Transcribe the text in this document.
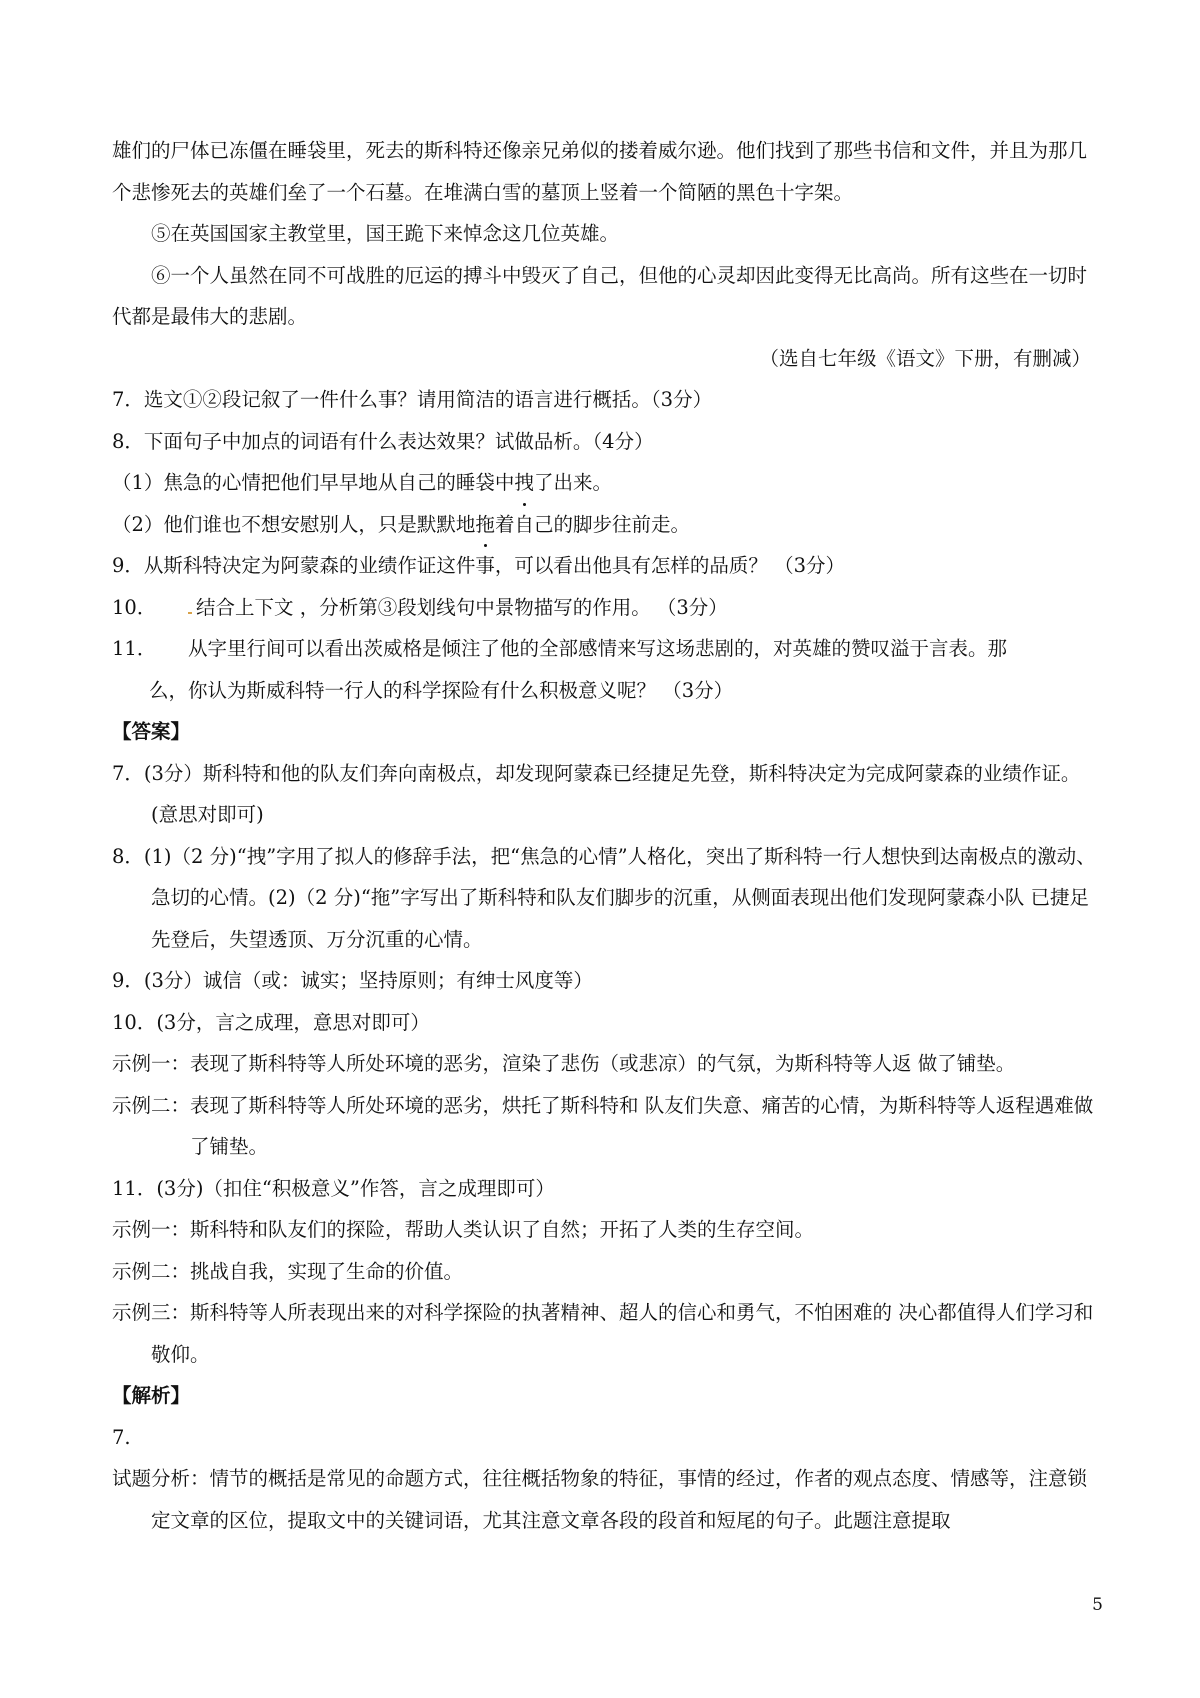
雄们的尸体已冻僵在睡袋里，死去的斯科特还像亲兄弟似的搂着威尔逊。他们找到了那些书信和文件，并且为那几个悲惨死去的英雄们垒了一个石墓。在堆满白雪的墓顶上竖着一个简陋的黑色十字架。

⑤在英国国家主教堂里，国王跪下来悼念这几位英雄。

⑥一个人虽然在同不可战胜的厄运的搏斗中毁灭了自己，但他的心灵却因此变得无比高尚。所有这些在一切时代都是最伟大的悲剧。

（选自七年级《语文》下册，有删减）

7．选文①②段记叙了一件什么事？请用简洁的语言进行概括。（3分）

8．下面句子中加点的词语有什么表达效果？试做品析。（4分）

（1）焦急的心情把他们早早地从自己的睡袋中拽了出来。

（2）他们谁也不想安慰别人，只是默默地拖着自己的脚步往前走。

9．从斯科特决定为阿蒙森的业绩作证这件事，可以看出他具有怎样的品质？ （3分）

10．	结合上下文 ，分析第③段划线句中景物描写的作用。 （3分）
11．	从字里行间可以看出茨威格是倾注了他的全部感情来写这场悲剧的，对英雄的赞叹溢于言表。那
么，你认为斯威科特一行人的科学探险有什么积极意义呢？ （3分）

【答案】

7．(3分）斯科特和他的队友们奔向南极点，却发现阿蒙森已经捷足先登，斯科特决定为完成阿蒙森的业绩作证。(意思对即可)

8．(1)（2 分)“拽”字用了拟人的修辞手法，把“焦急的心情”人格化，突出了斯科特一行人想快到达南极点的激动、急切的心情。(2)（2 分)“拖”字写出了斯科特和队友们脚步的沉重，从侧面表现出他们发现阿蒙森小队 已捷足先登后，失望透顶、万分沉重的心情。

9．(3分）诚信（或：诚实；坚持原则；有绅士风度等）

10．(3分，言之成理，意思对即可）

示例一：表现了斯科特等人所处环境的恶劣，渲染了悲伤（或悲凉）的气氛，为斯科特等人返 做了铺垫。

示例二：表现了斯科特等人所处环境的恶劣，烘托了斯科特和 队友们失意、痛苦的心情，为斯科特等人返程遇难做了铺垫。

11．(3分)（扣住“积极意义”作答，言之成理即可）

示例一：斯科特和队友们的探险，帮助人类认识了自然；开拓了人类的生存空间。

示例二：挑战自我，实现了生命的价值。

示例三：斯科特等人所表现出来的对科学探险的执著精神、超人的信心和勇气，不怕困难的 决心都值得人们学习和敬仰。

【解析】

7.

试题分析：情节的概括是常见的命题方式，往往概括物象的特征，事情的经过，作者的观点态度、情感等，注意锁定文章的区位，提取文中的关键词语，尤其注意文章各段的段首和短尾的句子。此题注意提取

5
